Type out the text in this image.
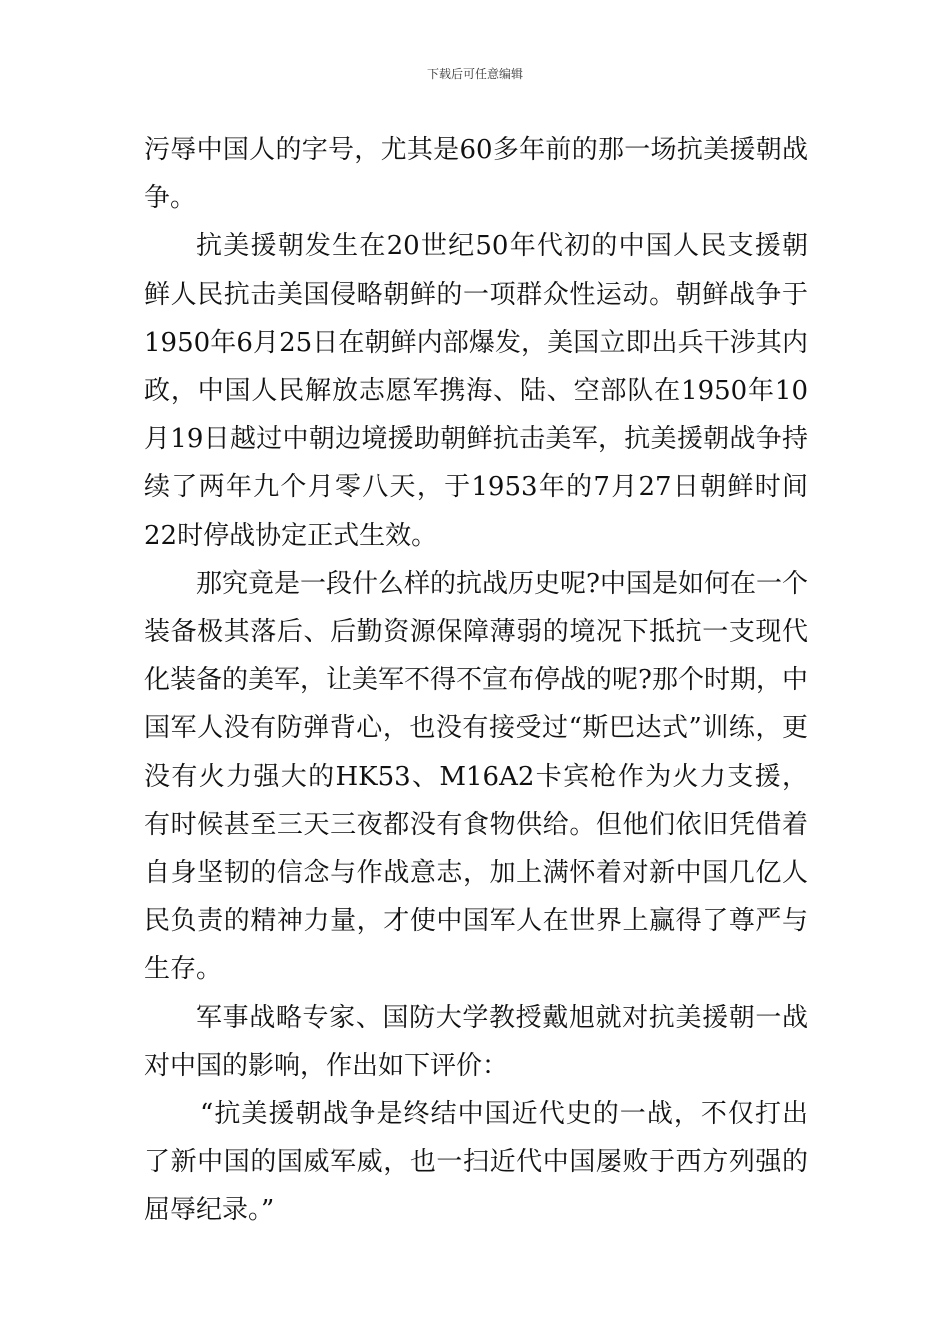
下载后可任意编辑

污辱中国人的字号，尤其是60多年前的那一场抗美援朝战争。

抗美援朝发生在20世纪50年代初的中国人民支援朝鲜人民抗击美国侵略朝鲜的一项群众性运动。朝鲜战争于1950年6月25日在朝鲜内部爆发，美国立即出兵干涉其内政，中国人民解放志愿军携海、陆、空部队在1950年10月19日越过中朝边境援助朝鲜抗击美军，抗美援朝战争持续了两年九个月零八天，于1953年的7月27日朝鲜时间22时停战协定正式生效。

那究竟是一段什么样的抗战历史呢?中国是如何在一个装备极其落后、后勤资源保障薄弱的境况下抵抗一支现代化装备的美军，让美军不得不宣布停战的呢?那个时期，中国军人没有防弹背心，也没有接受过“斯巴达式”训练，更没有火力强大的HK53、M16A2卡宾枪作为火力支援，有时候甚至三天三夜都没有食物供给。但他们依旧凭借着自身坚韧的信念与作战意志，加上满怀着对新中国几亿人民负责的精神力量，才使中国军人在世界上赢得了尊严与生存。

军事战略专家、国防大学教授戴旭就对抗美援朝一战对中国的影响，作出如下评价：

“抗美援朝战争是终结中国近代史的一战，不仅打出了新中国的国威军威，也一扫近代中国屡败于西方列强的屈辱纪录。”
